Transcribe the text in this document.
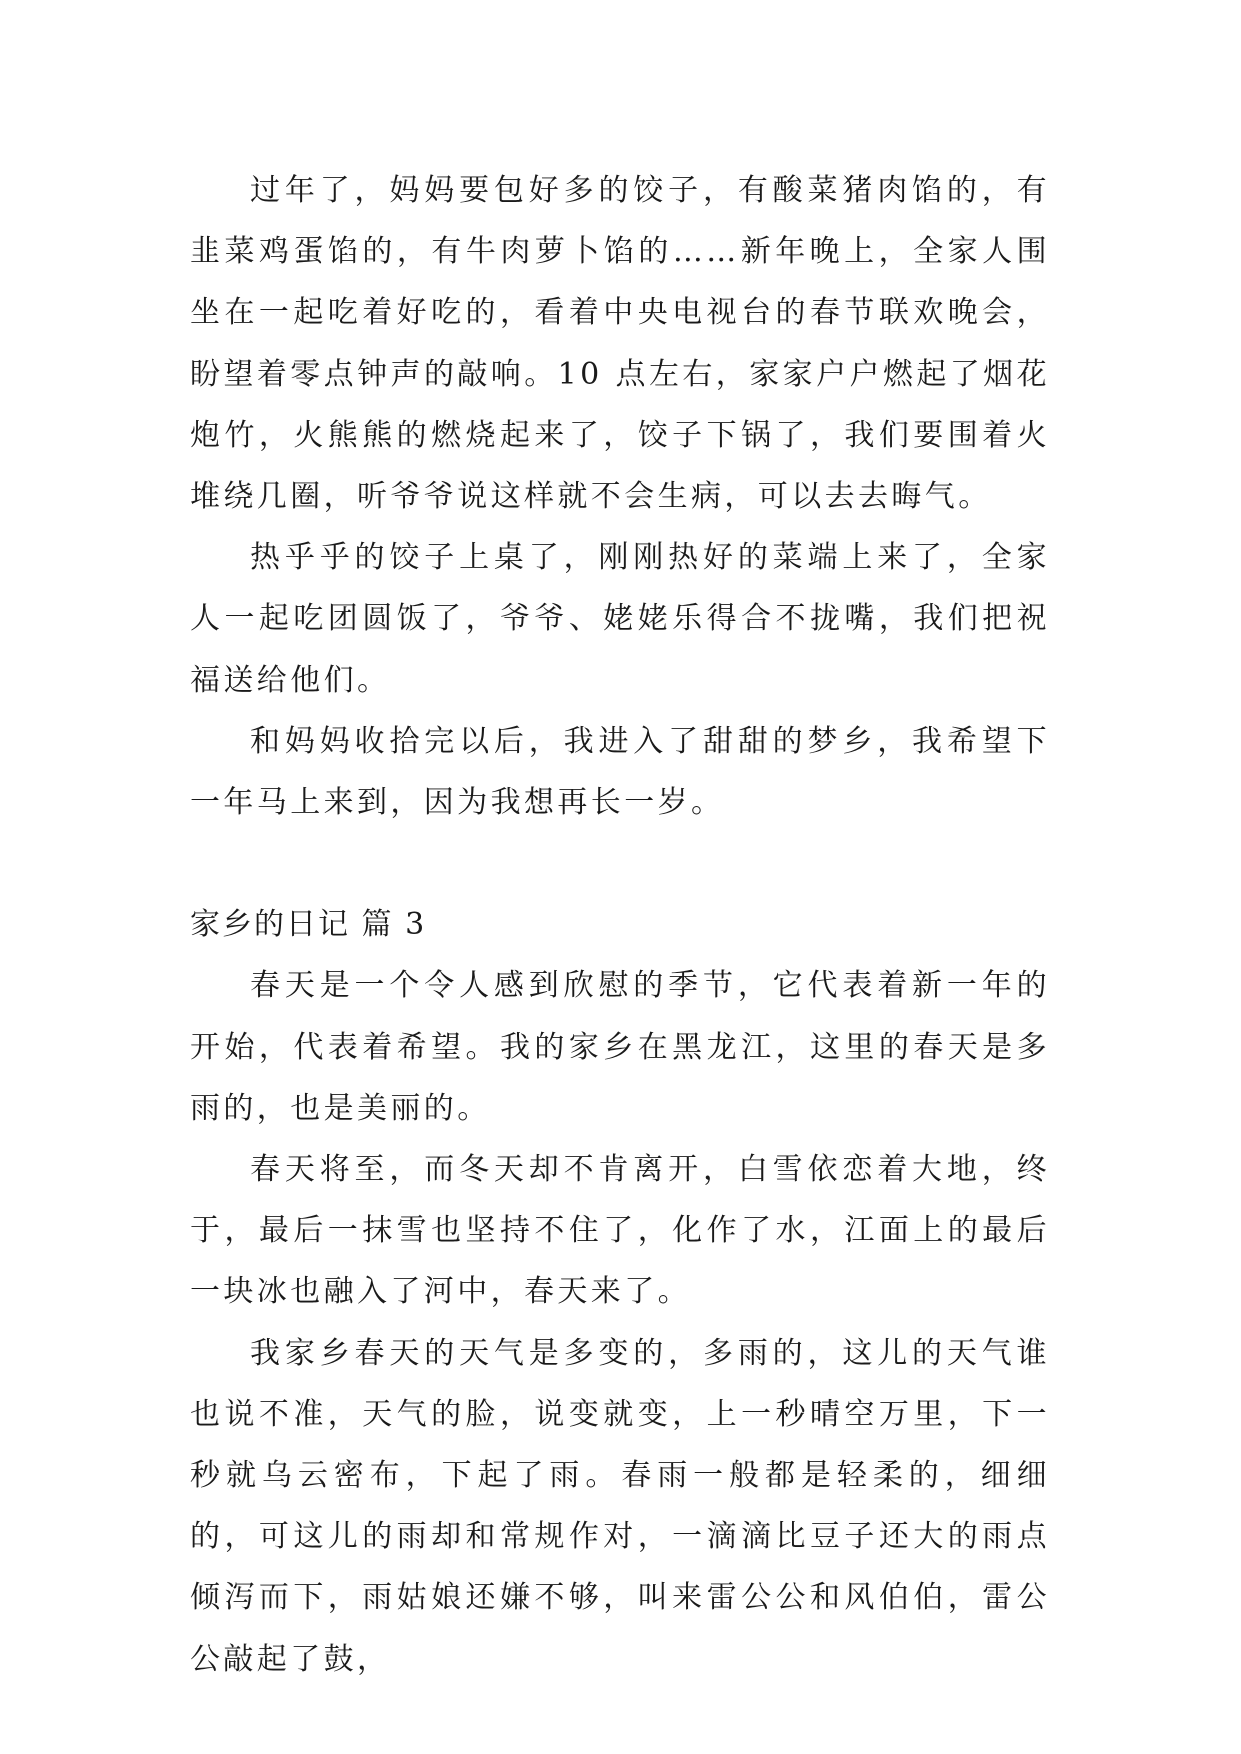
过年了，妈妈要包好多的饺子，有酸菜猪肉馅的，有韭菜鸡蛋馅的，有牛肉萝卜馅的……新年晚上，全家人围坐在一起吃着好吃的，看着中央电视台的春节联欢晚会，盼望着零点钟声的敲响。10 点左右，家家户户燃起了烟花炮竹，火熊熊的燃烧起来了，饺子下锅了，我们要围着火堆绕几圈，听爷爷说这样就不会生病，可以去去晦气。

热乎乎的饺子上桌了，刚刚热好的菜端上来了，全家人一起吃团圆饭了，爷爷、姥姥乐得合不拢嘴，我们把祝福送给他们。

和妈妈收拾完以后，我进入了甜甜的梦乡，我希望下一年马上来到，因为我想再长一岁。

家乡的日记 篇 3

春天是一个令人感到欣慰的季节，它代表着新一年的开始，代表着希望。我的家乡在黑龙江，这里的春天是多雨的，也是美丽的。

春天将至，而冬天却不肯离开，白雪依恋着大地，终于，最后一抹雪也坚持不住了，化作了水，江面上的最后一块冰也融入了河中，春天来了。

我家乡春天的天气是多变的，多雨的，这儿的天气谁也说不准，天气的脸，说变就变，上一秒晴空万里，下一秒就乌云密布，下起了雨。春雨一般都是轻柔的，细细的，可这儿的雨却和常规作对，一滴滴比豆子还大的雨点倾泻而下，雨姑娘还嫌不够，叫来雷公公和风伯伯，雷公公敲起了鼓，
